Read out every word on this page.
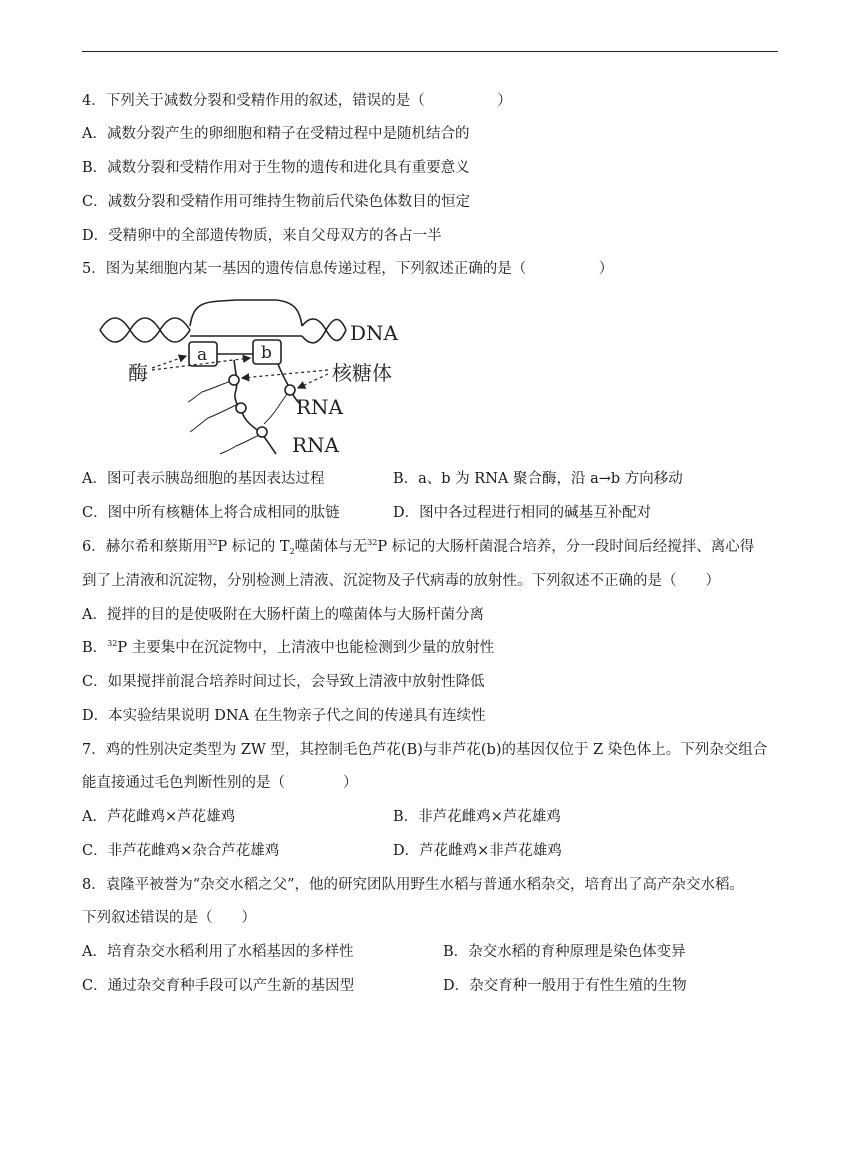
4．下列关于减数分裂和受精作用的叙述，错误的是（　　　　　）
A．减数分裂产生的卵细胞和精子在受精过程中是随机结合的
B．减数分裂和受精作用对于生物的遗传和进化具有重要意义
C．减数分裂和受精作用可维持生物前后代染色体数目的恒定
D．受精卵中的全部遗传物质，来自父母双方的各占一半
5．图为某细胞内某一基因的遗传信息传递过程，下列叙述正确的是（　　　　　）
DNA
a	b
酶	核糖体
RNA
RNA
A．图可表示胰岛细胞的基因表达过程	B．a、b 为 RNA 聚合酶，沿 a→b 方向移动
C．图中所有核糖体上将合成相同的肽链	D．图中各过程进行相同的碱基互补配对
6．赫尔希和蔡斯用$^{32}$P 标记的 $T_2$噬菌体与无$^{32}$P 标记的大肠杆菌混合培养，分一段时间后经搅拌、离心得
到了上清液和沉淀物，分别检测上清液、沉淀物及子代病毒的放射性。下列叙述不正确的是（　　）
A．搅拌的目的是使吸附在大肠杆菌上的噬菌体与大肠杆菌分离
B．$^{32}$P 主要集中在沉淀物中，上清液中也能检测到少量的放射性
C．如果搅拌前混合培养时间过长，会导致上清液中放射性降低
D．本实验结果说明 DNA 在生物亲子代之间的传递具有连续性
7．鸡的性别决定类型为 ZW 型，其控制毛色芦花(B)与非芦花(b)的基因仅位于 Z 染色体上。下列杂交组合
能直接通过毛色判断性别的是（　　　　）
A．芦花雌鸡×芦花雄鸡	B．非芦花雌鸡×芦花雄鸡
C．非芦花雌鸡×杂合芦花雄鸡	D．芦花雌鸡×非芦花雄鸡
8．袁隆平被誉为“杂交水稻之父”，他的研究团队用野生水稻与普通水稻杂交，培育出了高产杂交水稻。
下列叙述错误的是（　　）
A．培育杂交水稻利用了水稻基因的多样性	B．杂交水稻的育种原理是染色体变异
C．通过杂交育种手段可以产生新的基因型	D．杂交育种一般用于有性生殖的生物
